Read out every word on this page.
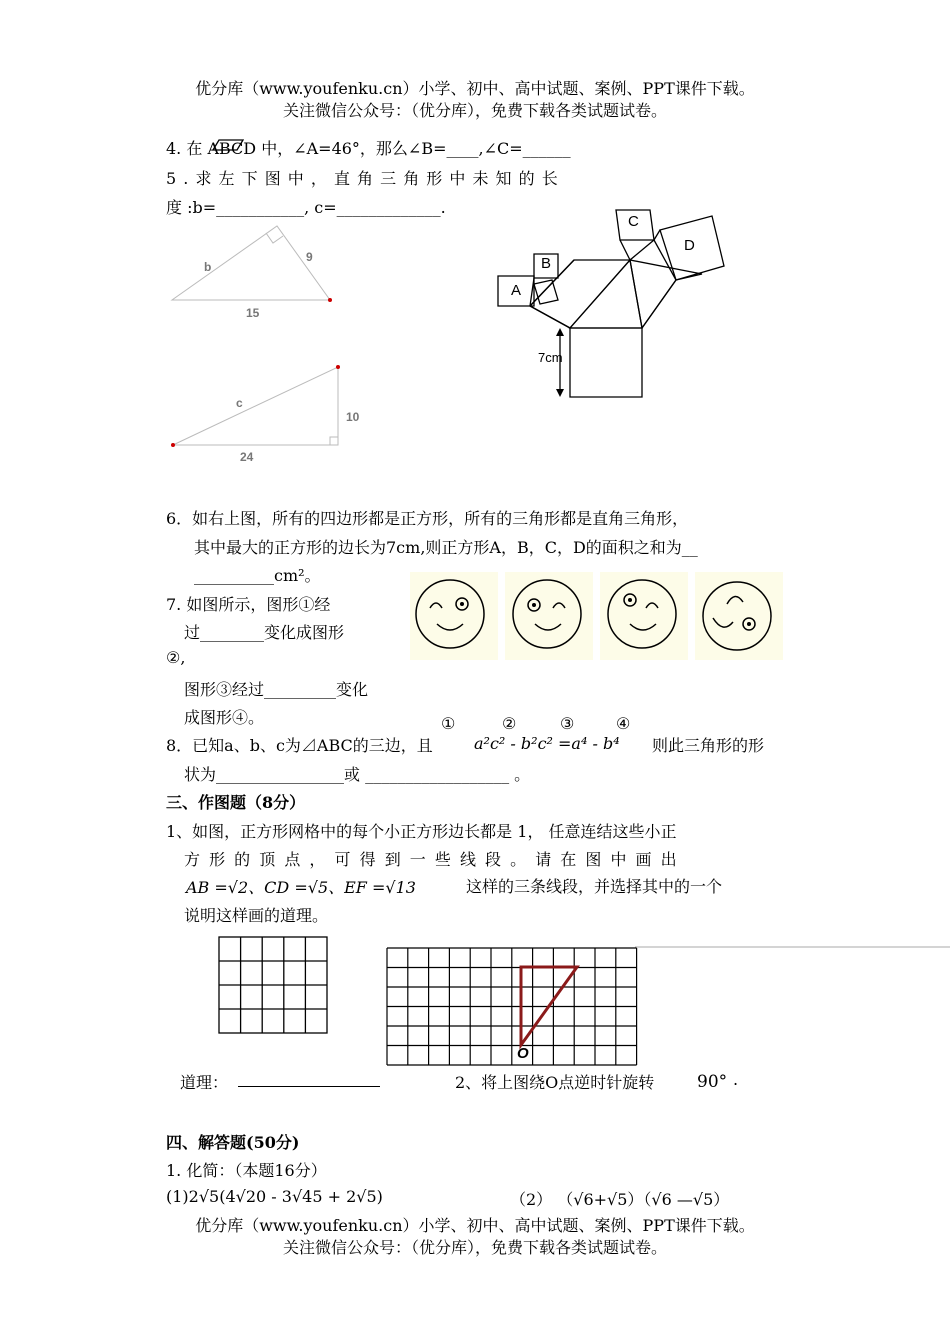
优分库（www.youfenku.cn）小学、初中、高中试题、案例、PPT课件下载。
关注微信公众号：（优分库），免费下载各类试题试卷。
4. 在 ABCD 中，∠A=46°，那么∠B=____,∠C=______
5 . 求 左 下 图 中 ， 直 角 三 角 形 中 未 知 的 长
度 :b=___________, c=_____________.
b
9
15
c
10
24
A
B
C
D
7cm
6．如右上图，所有的四边形都是正方形，所有的三角形都是直角三角形，
其中最大的正方形的边长为7cm,则正方形A，B，C，D的面积之和为__
__________cm²。
7. 如图所示，图形①经
过________变化成图形
②,
图形③经过_________变化
成图形④。	①	②	③	④
8．已知a、b、c为⊿ABC的三边，且	a²c² - b²c² =a⁴ - b⁴ 则此三角形的形
状为________________或 __________________ 。
三、作图题（8分）
1、如图，正方形网格中的每个小正方形边长都是 1， 任意连结这些小正
方 形 的 顶 点 ， 可 得 到 一 些 线 段 。 请 在 图 中 画 出
AB =√2、CD =√5、EF =√13	这样的三条线段，并选择其中的一个
说明这样画的道理。
O
道理：	2、将上图绕O点逆时针旋转	90° .
四、解答题(50分)
1. 化简：（本题16分）
(1)2√5(4√20 - 3√45 + 2√5)	（2） （√6+√5）（√6 —√5）
优分库（www.youfenku.cn）小学、初中、高中试题、案例、PPT课件下载。
关注微信公众号：（优分库），免费下载各类试题试卷。
